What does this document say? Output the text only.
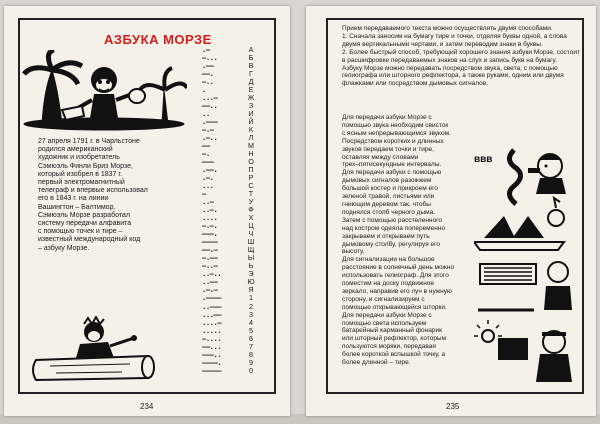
АЗБУКА МОРЗЕ
27 апреля 1791 г. в Чарльстоне
родился американский
художник и изобретатель
Сэмюэль Финли Бриз Морзе,
который изобрел в 1837 г.
первый электромагнитный
телеграф и впервые использовал
его в 1843 г. на линии
Вашингтон – Балтимор.
Сэмюэль Морзе разработал
систему передачи алфавита
с помощью точек и тире –
известный международный код
– азбуку Морзе.
.–
–...
.––
––.
–..
.
...–
––..
..
.–––
–.–
.–..
––
–.
–––
.––.
.–.
...
–
..–
..–.
....
–.–.
–––.
––––
––.–
–.––
–..–
..–..
..––
.–.–
.––––
..–––
...––
....–
.....
–....
––...
–––..
––––.
–––––
А
Б
В
Г
Д
Е
Ж
З
И
Й
К
Л
М
Н
О
П
Р
С
Т
У
Ф
Х
Ц
Ч
Ш
Щ
Ы
Ь
Э
Ю
Я
1
2
3
4
5
6
7
8
9
0
234
Прием передаваемого текста можно осуществлять двумя способами.
1. Сначала заносим на бумагу тире и точки, отделяя буквы одной, а слова
двумя вертикальными чертами, и затем переводим знаки в буквы.
2. Более быстрый способ, требующий хорошего знания азбуки Морзе, состоит
в расшифровке передаваемых знаков на слух и запись букв на бумагу.
Азбуку Морзе можно передавать посредством звука, света, с помощью
гелиографа или шторного рефлектора, а также руками, одним или двумя
флажками или посредством дымовых сигналов.
Для передачи азбуки Морзе с
помощью звука необходим свисток
с ясным непрерывающимся звуком.
Посредством коротких и длинных
звуков передаем точки и тире,
оставляя между словами
трех–пятисекундные интервалы.
Для передачи азбуки с помощью
дымовых сигналов разожжем
большой костер и прикроем его
зеленой травой, листьями или
гниющим деревом так, чтобы
поднялся столб черного дыма.
Затем с помощью расстеленного
над костром одеяла попеременно
закрываем и открываем путь
дымовому столбу, регулируя его
высоту.
Для сигнализации на большое
расстояние в солнечный день можно
использовать гелиограф. Для этого
поместим на доску подвижное
зеркало, направив его луч в нужную
сторону, и сигнализируем с
помощью открывающейся шторки.
Для передачи азбуки Морзе с
помощью света используем
батарейный карманный фонарик
или шторный рефлектор, которым
пользуются моряки, передавая
более короткой вспышкой точку, а
более длинной – тире.
ввв
235
